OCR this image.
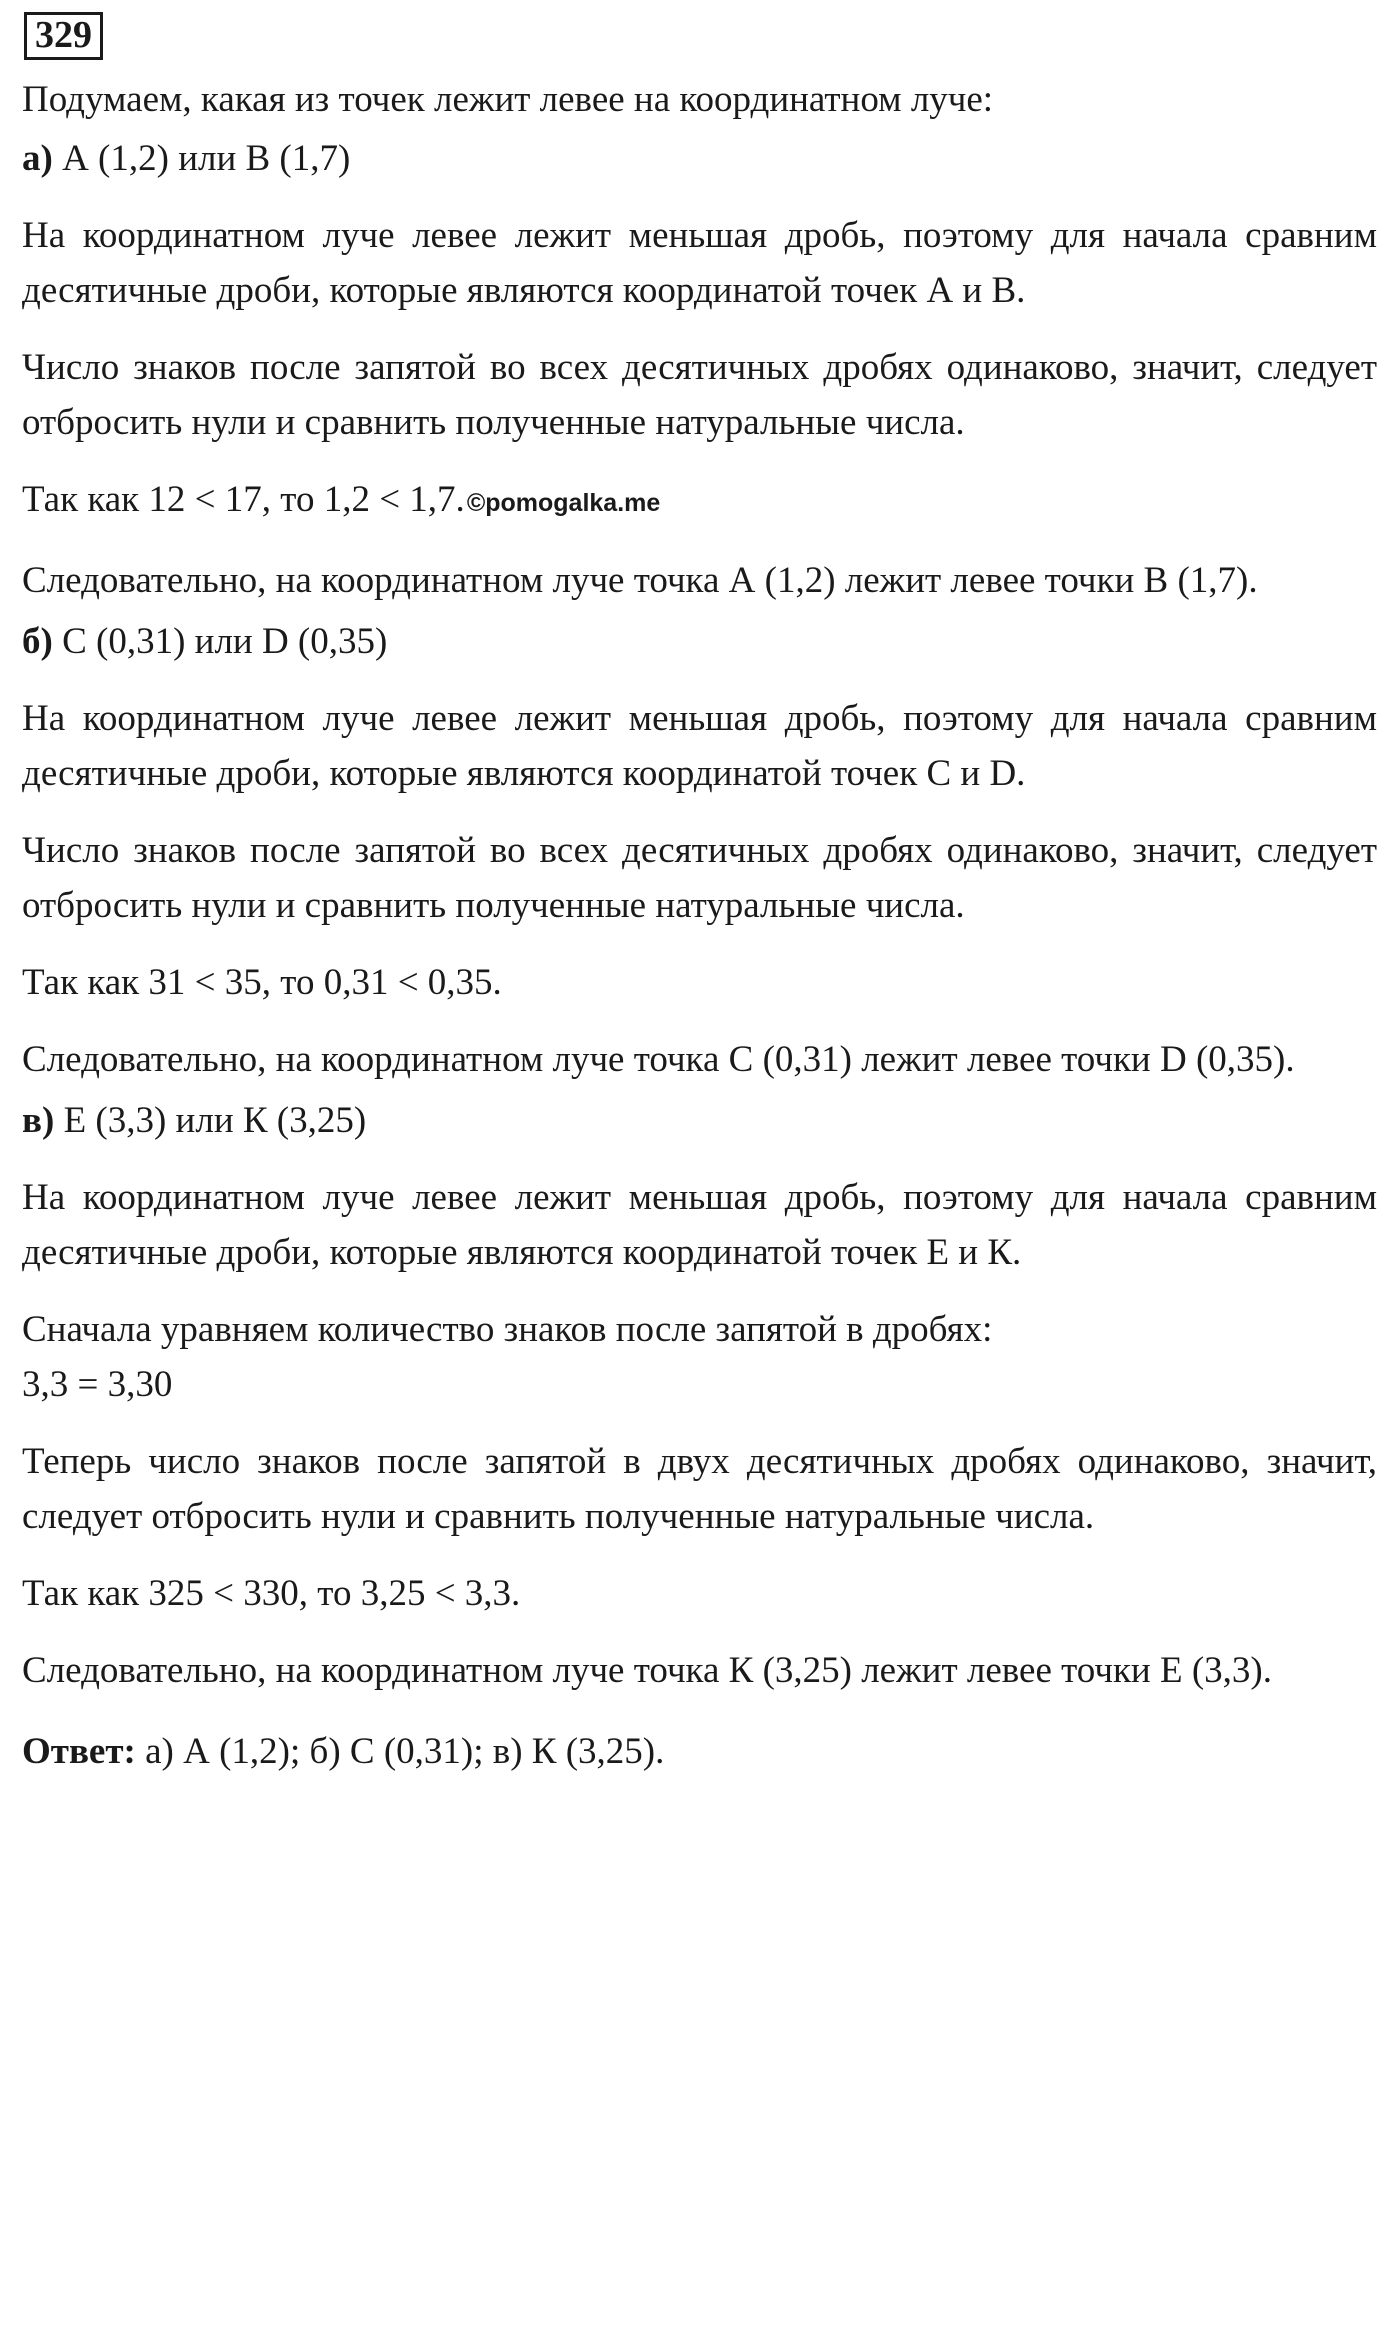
329

Подумаем, какая из точек лежит левее на координатном луче:

а) А (1,2) или В (1,7)

На координатном луче левее лежит меньшая дробь, поэтому для начала сравним десятичные дроби, которые являются координатой точек А и В.

Число знаков после запятой во всех десятичных дробях одинаково, значит, следует отбросить нули и сравнить полученные натуральные числа.

Так как 12 < 17, то 1,2 < 1,7.©pomogalka.me

Следовательно, на координатном луче точка А (1,2) лежит левее точки В (1,7).

б) С (0,31) или D (0,35)

На координатном луче левее лежит меньшая дробь, поэтому для начала сравним десятичные дроби, которые являются координатой точек С и D.

Число знаков после запятой во всех десятичных дробях одинаково, значит, следует отбросить нули и сравнить полученные натуральные числа.

Так как 31 < 35, то 0,31 < 0,35.

Следовательно, на координатном луче точка С (0,31) лежит левее точки D (0,35).

в) Е (3,3) или К (3,25)

На координатном луче левее лежит меньшая дробь, поэтому для начала сравним десятичные дроби, которые являются координатой точек Е и К.

Сначала уравняем количество знаков после запятой в дробях:

3,3 = 3,30

Теперь число знаков после запятой в двух десятичных дробях одинаково, значит, следует отбросить нули и сравнить полученные натуральные числа.

Так как 325 < 330, то 3,25 < 3,3.

Следовательно, на координатном луче точка К (3,25) лежит левее точки Е (3,3).

Ответ: а) А (1,2); б) С (0,31); в) К (3,25).
